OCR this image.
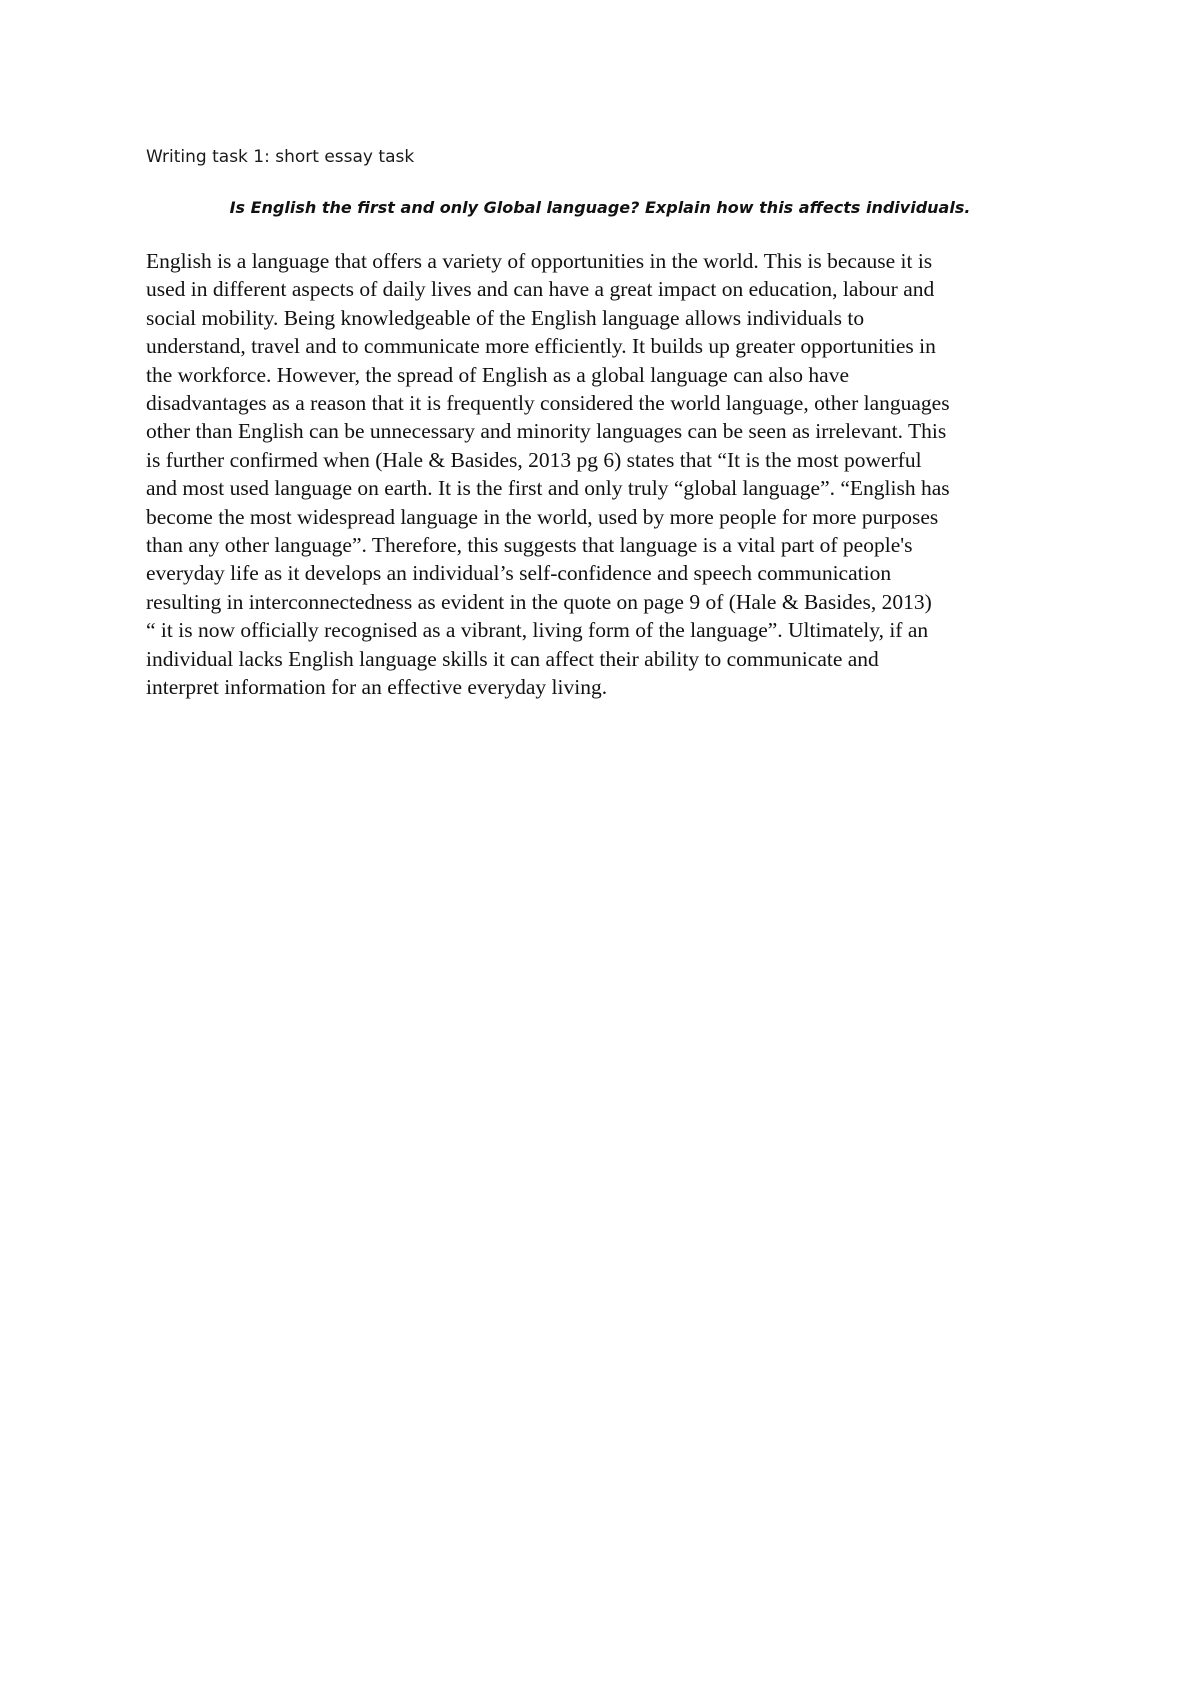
Writing task 1: short essay task
Is English the first and only Global language? Explain how this affects individuals.
English is a language that offers a variety of opportunities in the world. This is because it is
used in different aspects of daily lives and can have a great impact on education, labour and
social mobility. Being knowledgeable of the English language allows individuals to
understand, travel and to communicate more efficiently. It builds up greater opportunities in
the workforce. However, the spread of English as a global language can also have
disadvantages as a reason that it is frequently considered the world language, other languages
other than English can be unnecessary and minority languages can be seen as irrelevant. This
is further confirmed when (Hale & Basides, 2013 pg 6) states that “It is the most powerful
and most used language on earth. It is the first and only truly “global language”. “English has
become the most widespread language in the world, used by more people for more purposes
than any other language”. Therefore, this suggests that language is a vital part of people's
everyday life as it develops an individual’s self-confidence and speech communication
resulting in interconnectedness as evident in the quote on page 9 of (Hale & Basides, 2013)
“ it is now officially recognised as a vibrant, living form of the language”. Ultimately, if an
individual lacks English language skills it can affect their ability to communicate and
interpret information for an effective everyday living.
